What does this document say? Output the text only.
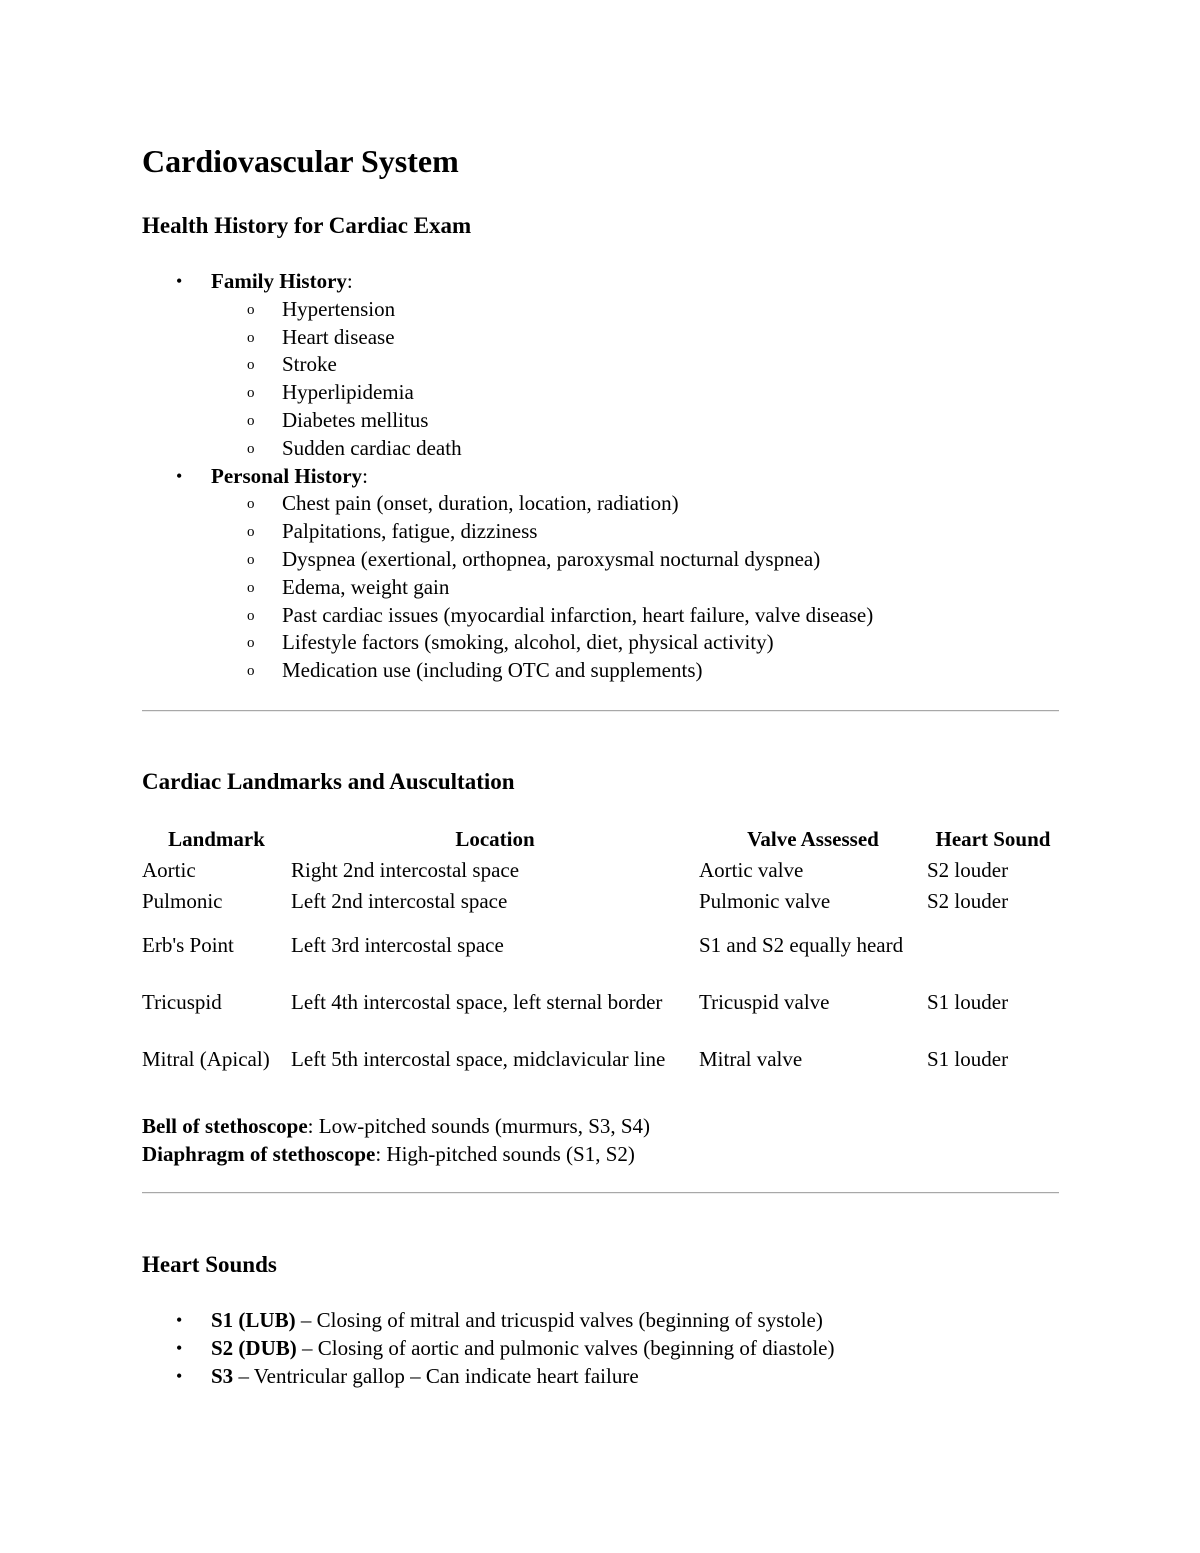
Cardiovascular System
Health History for Cardiac Exam
• Family History:
o Hypertension
o Heart disease
o Stroke
o Hyperlipidemia
o Diabetes mellitus
o Sudden cardiac death
• Personal History:
o Chest pain (onset, duration, location, radiation)
o Palpitations, fatigue, dizziness
o Dyspnea (exertional, orthopnea, paroxysmal nocturnal dyspnea)
o Edema, weight gain
o Past cardiac issues (myocardial infarction, heart failure, valve disease)
o Lifestyle factors (smoking, alcohol, diet, physical activity)
o Medication use (including OTC and supplements)
Cardiac Landmarks and Auscultation
Landmark	Location	Valve Assessed	Heart Sound
Aortic	Right 2nd intercostal space	Aortic valve	S2 louder
Pulmonic	Left 2nd intercostal space	Pulmonic valve	S2 louder
Erb's Point	Left 3rd intercostal space	S1 and S2 equally heard	
Tricuspid	Left 4th intercostal space, left sternal border	Tricuspid valve	S1 louder
Mitral (Apical)	Left 5th intercostal space, midclavicular line	Mitral valve	S1 louder
Bell of stethoscope: Low-pitched sounds (murmurs, S3, S4)
Diaphragm of stethoscope: High-pitched sounds (S1, S2)
Heart Sounds
• S1 (LUB) – Closing of mitral and tricuspid valves (beginning of systole)
• S2 (DUB) – Closing of aortic and pulmonic valves (beginning of diastole)
• S3 – Ventricular gallop – Can indicate heart failure
